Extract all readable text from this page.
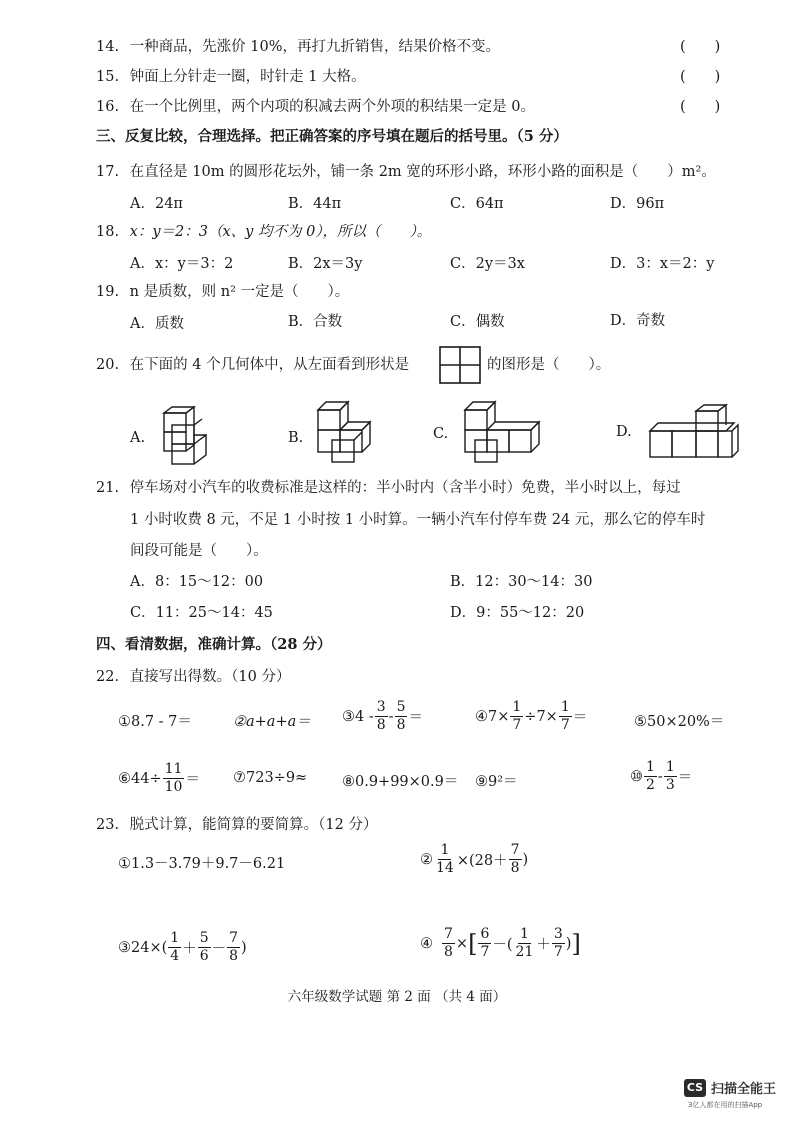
14. 一种商品，先涨价 10%，再打九折销售，结果价格不变。	(　　)
15. 钟面上分针走一圈，时针走 1 大格。	(　　)
16. 在一个比例里，两个内项的积减去两个外项的积结果一定是 0。	(　　)
三、反复比较，合理选择。把正确答案的序号填在题后的括号里。（5 分）
17. 在直径是 10m 的圆形花坛外，铺一条 2m 宽的环形小路，环形小路的面积是（　　）m²。
A．24π	B．44π	C．64π	D．96π
18. x：y＝2：3（x、y 均不为 0），所以（　　）。
A．x：y＝3：2	B．2x＝3y	C．2y＝3x	D．3：x＝2：y
19. n 是质数，则 n² 一定是（　　）。
A．质数	B．合数	C．偶数	D．奇数
20. 在下面的 4 个几何体中，从左面看到形状是	的图形是（　　）。
A.	B.	C.	D.
21. 停车场对小汽车的收费标准是这样的：半小时内（含半小时）免费，半小时以上，每过
1 小时收费 8 元，不足 1 小时按 1 小时算。一辆小汽车付停车费 24 元，那么它的停车时
间段可能是（　　）。
A．8：15～12：00	B．12：30～14：30
C．11：25～14：45	D．9：55～12：20
四、看清数据，准确计算。（28 分）
22. 直接写出得数。（10 分）
①8.7 - 7＝	②a+a+a＝ ③4 - $\frac{3}{8} - \frac{5}{8}$ ＝	④7× $\frac{1}{7} \div 7\times \frac{1}{7}$ ＝	⑤50×20%＝
⑥44÷ $\frac{11}{10}$ ＝ ⑦723÷9≈ ⑧0.9+99×0.9＝ ⑨9²＝	⑩ $\frac{1}{2} - \frac{1}{3}$ ＝
23. 脱式计算，能简算的要简算。（12 分）
①1.3－3.79＋9.7－6.21	② $\frac{1}{14} \times(28+ \frac{7}{8}$ )
③24×( $\frac{1}{4} + \frac{5}{6} - \frac{7}{8}$ )	④ $\frac{7}{8}$ × [ $\frac{6}{7}$ －( $\frac{1}{21} + \frac{3}{7}$ ) ]
六年级数学试题 第 2 面 （共 4 面）
CS 扫描全能王
3亿人都在用的扫描App
